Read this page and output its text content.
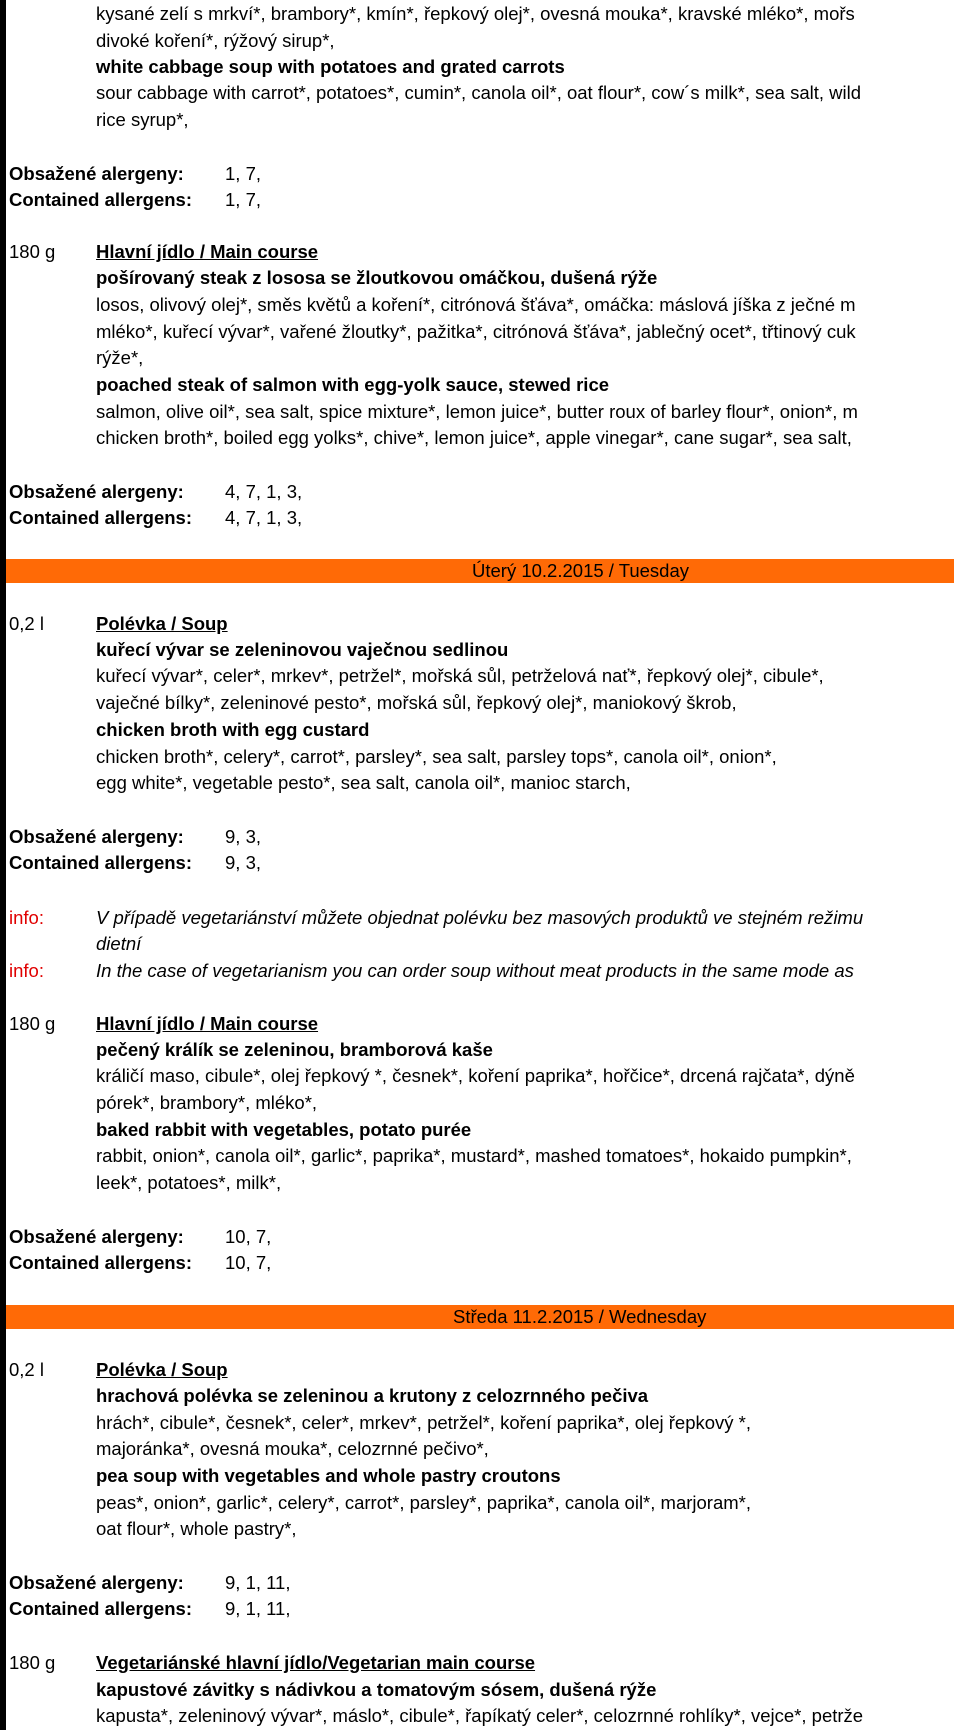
kysané zelí s mrkví*, brambory*, kmín*, řepkový olej*, ovesná mouka*, kravské mléko*, mořs
divoké koření*, rýžový sirup*,
white cabbage soup with potatoes and grated carrots
sour cabbage with carrot*, potatoes*, cumin*, canola oil*, oat flour*, cow´s milk*, sea salt, wild
rice syrup*,
Obsažené alergeny: 1, 7,
Contained allergens: 1, 7,
180 g Hlavní jídlo / Main course
pošírovaný steak z lososa se žloutkovou omáčkou, dušená rýže
losos, olivový olej*, směs květů a koření*, citrónová šťáva*, omáčka: máslová jíška z ječné m
mléko*, kuřecí vývar*, vařené žloutky*, pažitka*, citrónová šťáva*, jablečný ocet*, třtinový cuk
rýže*,
poached steak of salmon with egg-yolk sauce, stewed rice
salmon, olive oil*, sea salt, spice mixture*, lemon juice*, butter roux of barley flour*, onion*, m
chicken broth*, boiled egg yolks*, chive*, lemon juice*, apple vinegar*, cane sugar*, sea salt,
Obsažené alergeny: 4, 7, 1, 3,
Contained allergens: 4, 7, 1, 3,
Úterý 10.2.2015 / Tuesday
0,2 l	Polévka / Soup
kuřecí vývar se zeleninovou vaječnou sedlinou
kuřecí vývar*, celer*, mrkev*, petržel*, mořská sůl, petrželová nať*, řepkový olej*, cibule*,
vaječné bílky*, zeleninové pesto*, mořská sůl, řepkový olej*, maniokový škrob,
chicken broth with egg custard
chicken broth*, celery*, carrot*, parsley*, sea salt, parsley tops*, canola oil*, onion*,
egg white*, vegetable pesto*, sea salt, canola oil*, manioc starch,
Obsažené alergeny: 9, 3,
Contained allergens: 9, 3,
info:	V případě vegetariánství můžete objednat polévku bez masových produktů ve stejném režimu
dietní
info:	In the case of vegetarianism you can order soup without meat products in the same mode as
180 g Hlavní jídlo / Main course
pečený králík se zeleninou, bramborová kaše
králičí maso, cibule*, olej řepkový *, česnek*, koření paprika*, hořčice*, drcená rajčata*, dýně
pórek*, brambory*, mléko*,
baked rabbit with vegetables, potato purée
rabbit, onion*, canola oil*, garlic*, paprika*, mustard*, mashed tomatoes*, hokaido pumpkin*,
leek*, potatoes*, milk*,
Obsažené alergeny: 10, 7,
Contained allergens: 10, 7,
Středa 11.2.2015 / Wednesday
0,2 l	Polévka / Soup
hrachová polévka se zeleninou a krutony z celozrnného pečiva
hrách*, cibule*, česnek*, celer*, mrkev*, petržel*, koření paprika*, olej řepkový *,
majoránka*, ovesná mouka*, celozrnné pečivo*,
pea soup with vegetables and whole pastry croutons
peas*, onion*, garlic*, celery*, carrot*, parsley*, paprika*, canola oil*, marjoram*,
oat flour*, whole pastry*,
Obsažené alergeny: 9, 1, 11,
Contained allergens: 9, 1, 11,
180 g Vegetariánské hlavní jídlo/Vegetarian main course
kapustové závitky s nádivkou a tomatovým sósem, dušená rýže
kapusta*, zeleninový vývar*, máslo*, cibule*, řapíkatý celer*, celozrnné rohlíky*, vejce*, petrže
